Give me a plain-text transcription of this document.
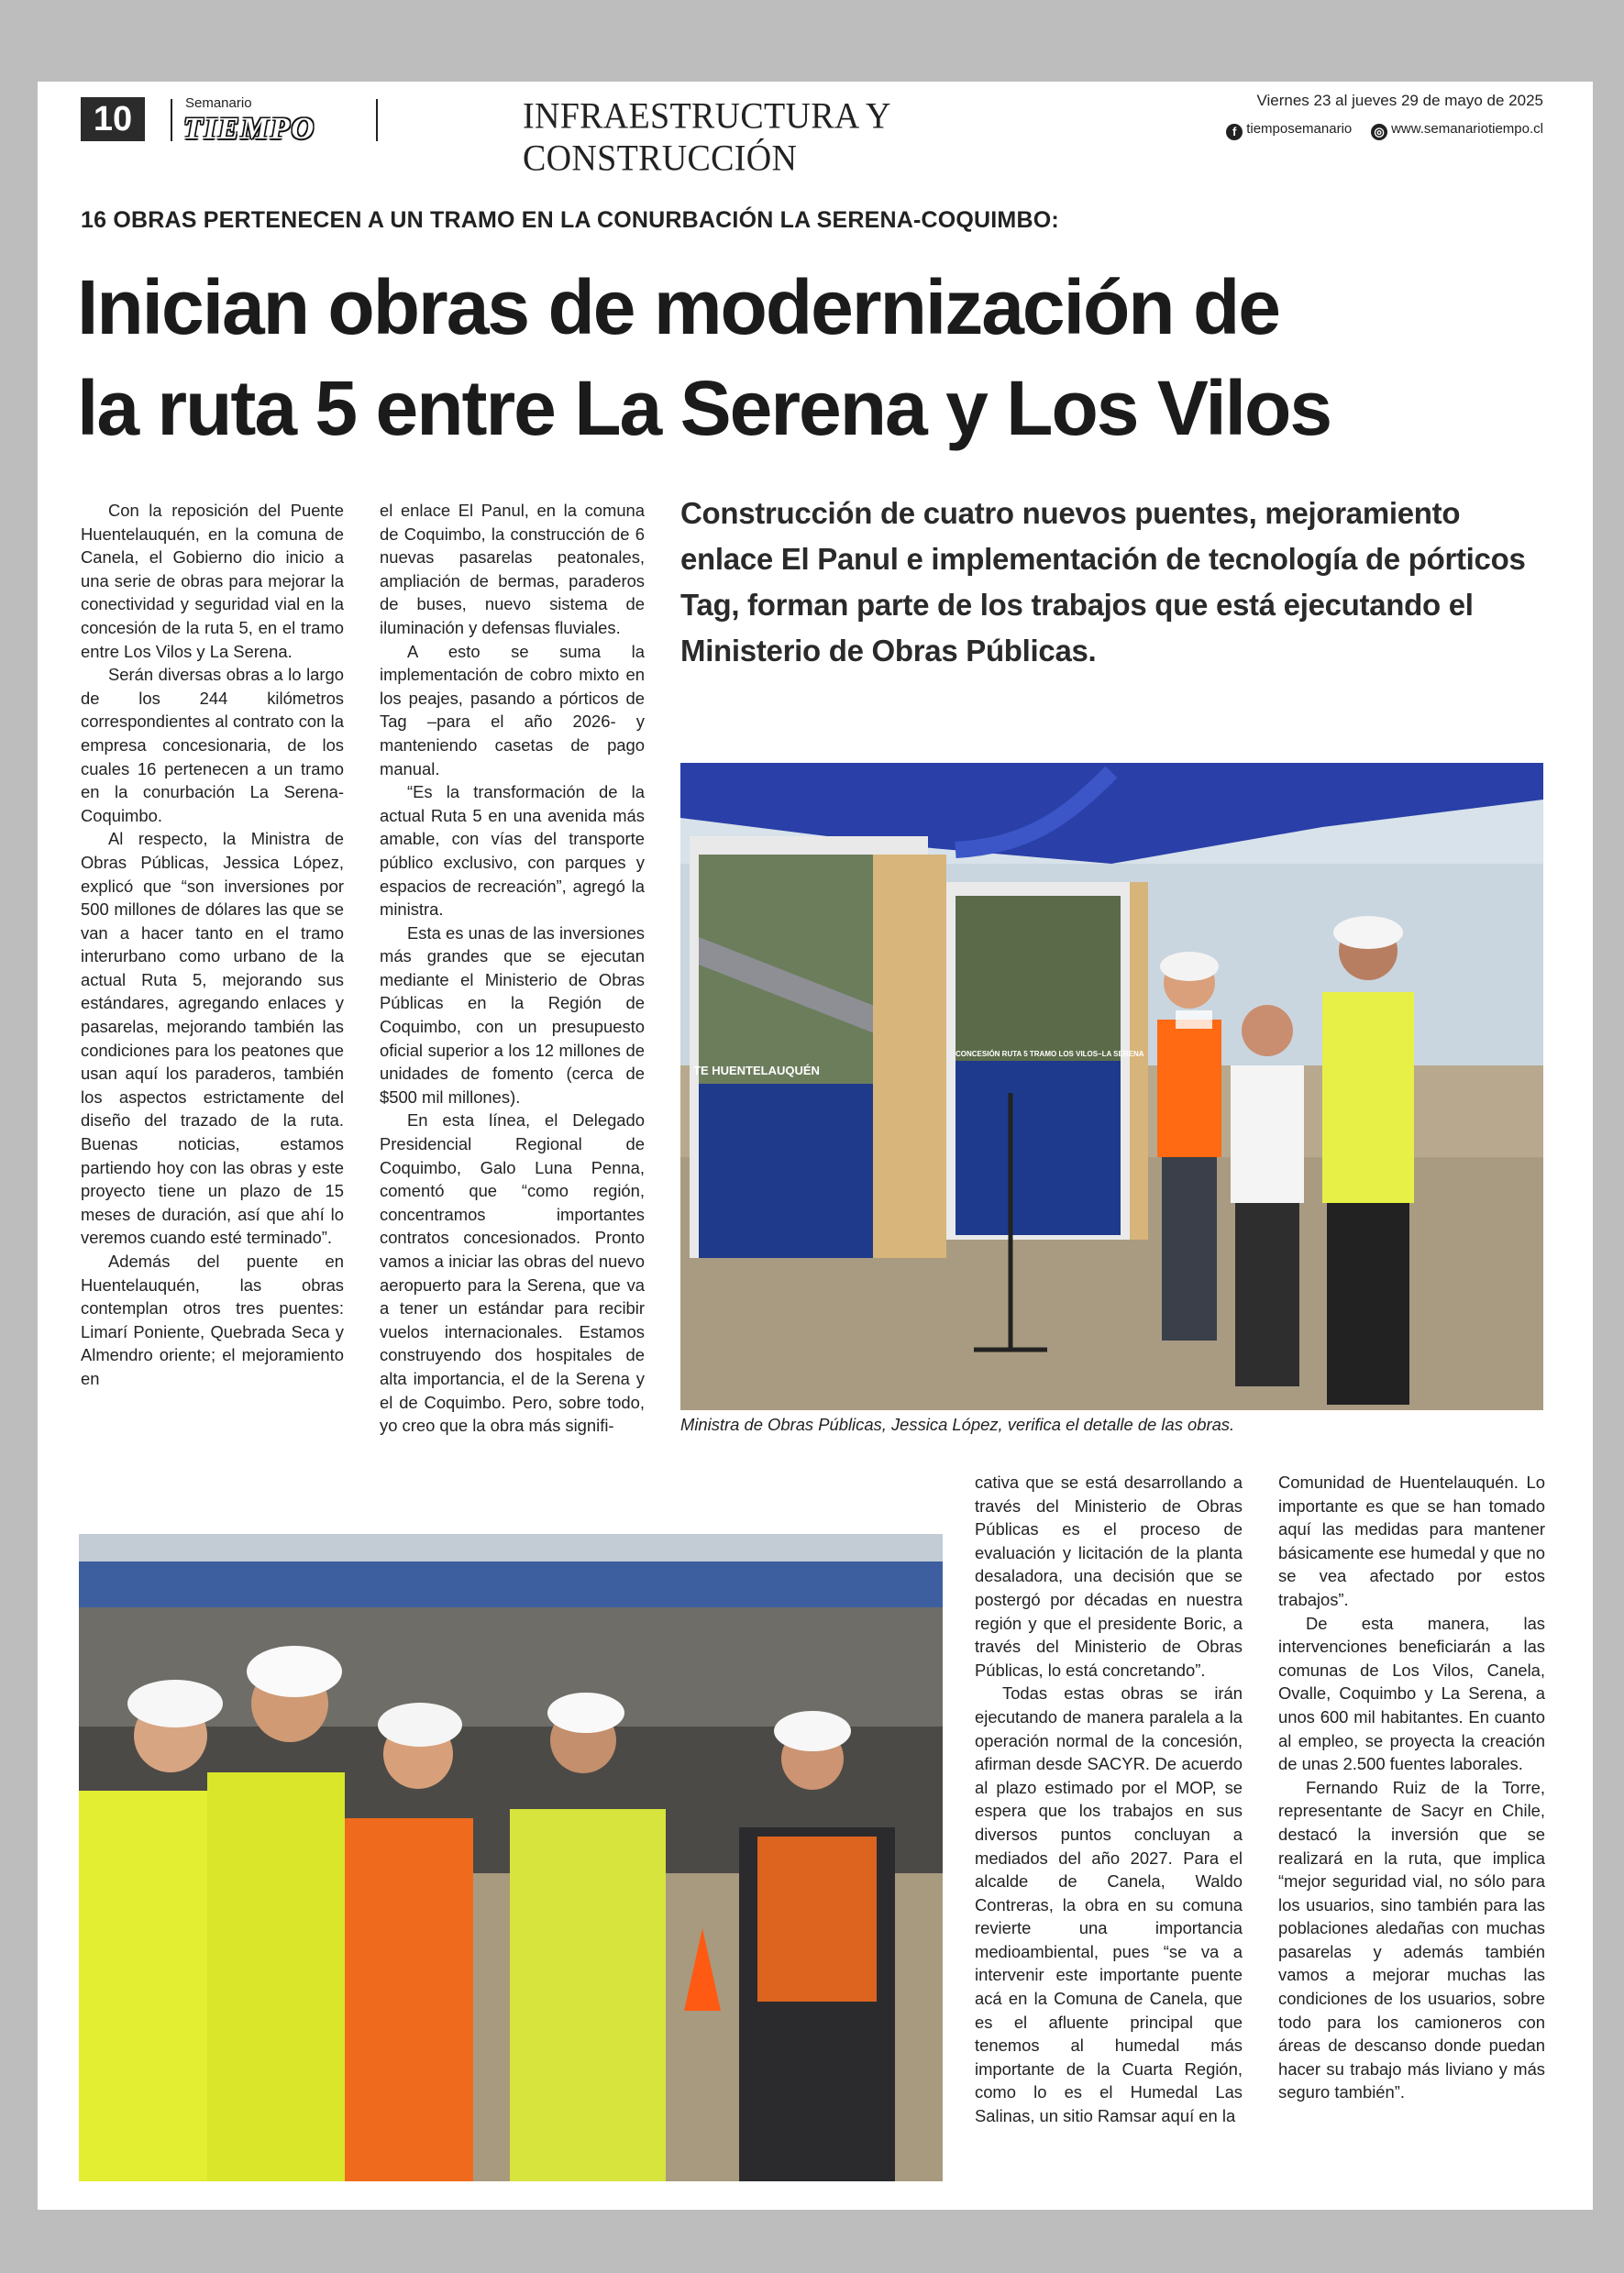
10	Semanario
TIEMPO	INFRAESTRUCTURA Y CONSTRUCCIÓN
Viernes 23 al jueves 29 de mayo de 2025
f tiemposemanario ◎ www.semanariotiempo.cl
16 OBRAS PERTENECEN A UN TRAMO EN LA CONURBACIÓN LA SERENA-COQUIMBO:
Inician obras de modernización de
la ruta 5 entre La Serena y Los Vilos

Con la reposición del Puente Huentelauquén, en la comuna de Canela, el Gobierno dio inicio a una serie de obras para mejorar la conectividad y seguridad vial en la concesión de la ruta 5, en el tramo entre Los Vilos y La Serena.

Serán diversas obras a lo largo de los 244 kilómetros correspondientes al contrato con la empresa concesionaria, de los cuales 16 pertenecen a un tramo en la conurbación La Serena-Coquimbo.

Al respecto, la Ministra de Obras Públicas, Jessica López, explicó que “son inversiones por 500 millones de dólares las que se van a hacer tanto en el tramo interurbano como urbano de la actual Ruta 5, mejorando sus estándares, agregando enlaces y pasarelas, mejorando también las condiciones para los peatones que usan aquí los paraderos, también los aspectos estrictamente del diseño del trazado de la ruta. Buenas noticias, estamos partiendo hoy con las obras y este proyecto tiene un plazo de 15 meses de duración, así que ahí lo veremos cuando esté terminado”.

Además del puente en Huentelauquén, las obras contemplan otros tres puentes: Limarí Poniente, Quebrada Seca y Almendro oriente; el mejoramiento en

el enlace El Panul, en la comuna de Coquimbo, la construcción de 6 nuevas pasarelas peatonales, ampliación de bermas, paraderos de buses, nuevo sistema de iluminación y defensas fluviales.

A esto se suma la implementación de cobro mixto en los peajes, pasando a pórticos de Tag –para el año 2026- y manteniendo casetas de pago manual.

“Es la transformación de la actual Ruta 5 en una avenida más amable, con vías del transporte público exclusivo, con parques y espacios de recreación”, agregó la ministra.

Esta es unas de las inversiones más grandes que se ejecutan mediante el Ministerio de Obras Públicas en la Región de Coquimbo, con un presupuesto oficial superior a los 12 millones de unidades de fomento (cerca de $500 mil millones).

En esta línea, el Delegado Presidencial Regional de Coquimbo, Galo Luna Penna, comentó que “como región, concentramos importantes contratos concesionados. Pronto vamos a iniciar las obras del nuevo aeropuerto para la Serena, que va a tener un estándar para recibir vuelos internacionales. Estamos construyendo dos hospitales de alta importancia, el de la Serena y el de Coquimbo. Pero, sobre todo, yo creo que la obra más signifi-

Construcción de cuatro nuevos puentes, mejoramiento enlace El Panul e implementación de tecnología de pórticos Tag, forman parte de los trabajos que está ejecutando el Ministerio de Obras Públicas.
TE HUENTELAUQUÉN
CONCESIÓN RUTA 5 TRAMO LOS VILOS–LA SERENA
Ministra de Obras Públicas, Jessica López, verifica el detalle de las obras.

cativa que se está desarrollando a través del Ministerio de Obras Públicas es el proceso de evaluación y licitación de la planta desaladora, una decisión que se postergó por décadas en nuestra región y que el presidente Boric, a través del Ministerio de Obras Públicas, lo está concretando”.

Todas estas obras se irán ejecutando de manera paralela a la operación normal de la concesión, afirman desde SACYR. De acuerdo al plazo estimado por el MOP, se espera que los trabajos en sus diversos puntos concluyan a mediados del año 2027. Para el alcalde de Canela, Waldo Contreras, la obra en su comuna revierte una importancia medioambiental, pues “se va a intervenir este importante puente acá en la Comuna de Canela, que es el afluente principal que tenemos al humedal más importante de la Cuarta Región, como lo es el Humedal Las Salinas, un sitio Ramsar aquí en la

Comunidad de Huentelauquén. Lo importante es que se han tomado aquí las medidas para mantener básicamente ese humedal y que no se vea afectado por estos trabajos”.

De esta manera, las intervenciones beneficiarán a las comunas de Los Vilos, Canela, Ovalle, Coquimbo y La Serena, a unos 600 mil habitantes. En cuanto al empleo, se proyecta la creación de unas 2.500 fuentes laborales.

Fernando Ruiz de la Torre, representante de Sacyr en Chile, destacó la inversión que se realizará en la ruta, que implica “mejor seguridad vial, no sólo para los usuarios, sino también para las poblaciones aledañas con muchas pasarelas y además también vamos a mejorar muchas las condiciones de los usuarios, sobre todo para los camioneros con áreas de descanso donde puedan hacer su trabajo más liviano y más seguro también”.
